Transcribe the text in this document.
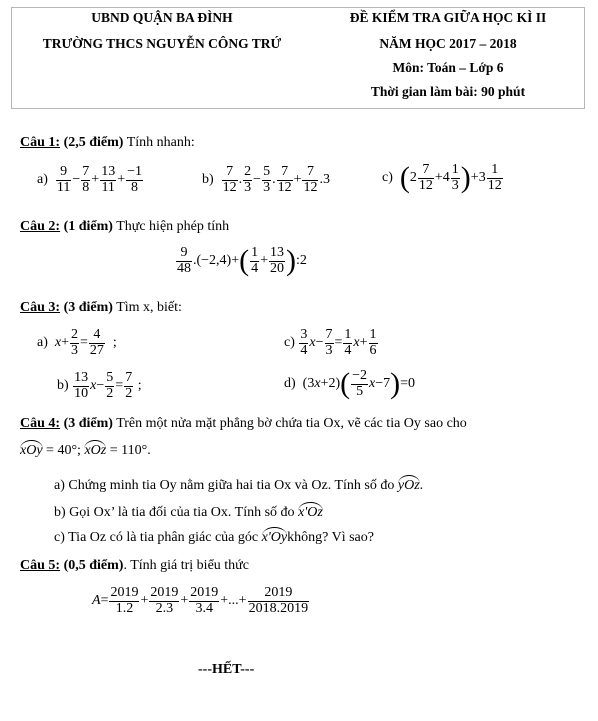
UBND QUẬN BA ĐÌNH
TRƯỜNG THCS NGUYỄN CÔNG TRỨ
ĐỀ KIỂM TRA GIỮA HỌC KÌ II
NĂM HỌC 2017 – 2018
Môn: Toán – Lớp 6
Thời gian làm bài: 90 phút
Câu 1: (2,5 điểm) Tính nhanh:
$a) \frac{9}{11} - \frac{7}{8} + \frac{13}{11} + \frac{-1}{8}$	$b) \frac{7}{12}$ . $\frac{2}{3} - \frac{5}{3}$ . $\frac{7}{12} + \frac{7}{12} .3$	c) $(2 \frac{7}{12} +4 \frac{1}{3} )+3 \frac{1}{12}$
Câu 2: (1 điểm) Thực hiện phép tính
$\frac{9}{48} .(-2,4)+( \frac{1}{4} + \frac{13}{20}$ ):2
Câu 3: (3 điểm) Tìm x, biết:
a) $x+ \frac{2}{3} = \frac{4}{27}$ ;	$c) \frac{3}{4} x- \frac{7}{3} = \frac{1}{4} x+ \frac{1}{6}$
$b) \frac{13}{10} x- \frac{5}{2} = \frac{7}{2}$ ;	d) $(3x+2)( \frac{-2}{5} x-7)=0$
Câu 4: (3 điểm) Trên một nửa mặt phẳng bờ chứa tia Ox, vẽ các tia Oy sao cho
xOy = 40°; xOz = 110°.
a) Chứng minh tia Oy nằm giữa hai tia Ox và Oz. Tính số đo yOz.
b) Gọi Ox’ là tia đối của tia Ox. Tính số đo x'Oz
c) Tia Oz có là tia phân giác của góc x'Oykhông? Vì sao?
Câu 5: (0,5 điểm). Tính giá trị biểu thức
$A= \frac{2019}{1.2} + \frac{2019}{2.3} + \frac{2019}{3.4}$ +...+ $\frac{2019}{2018.2019}$
---HẾT---
